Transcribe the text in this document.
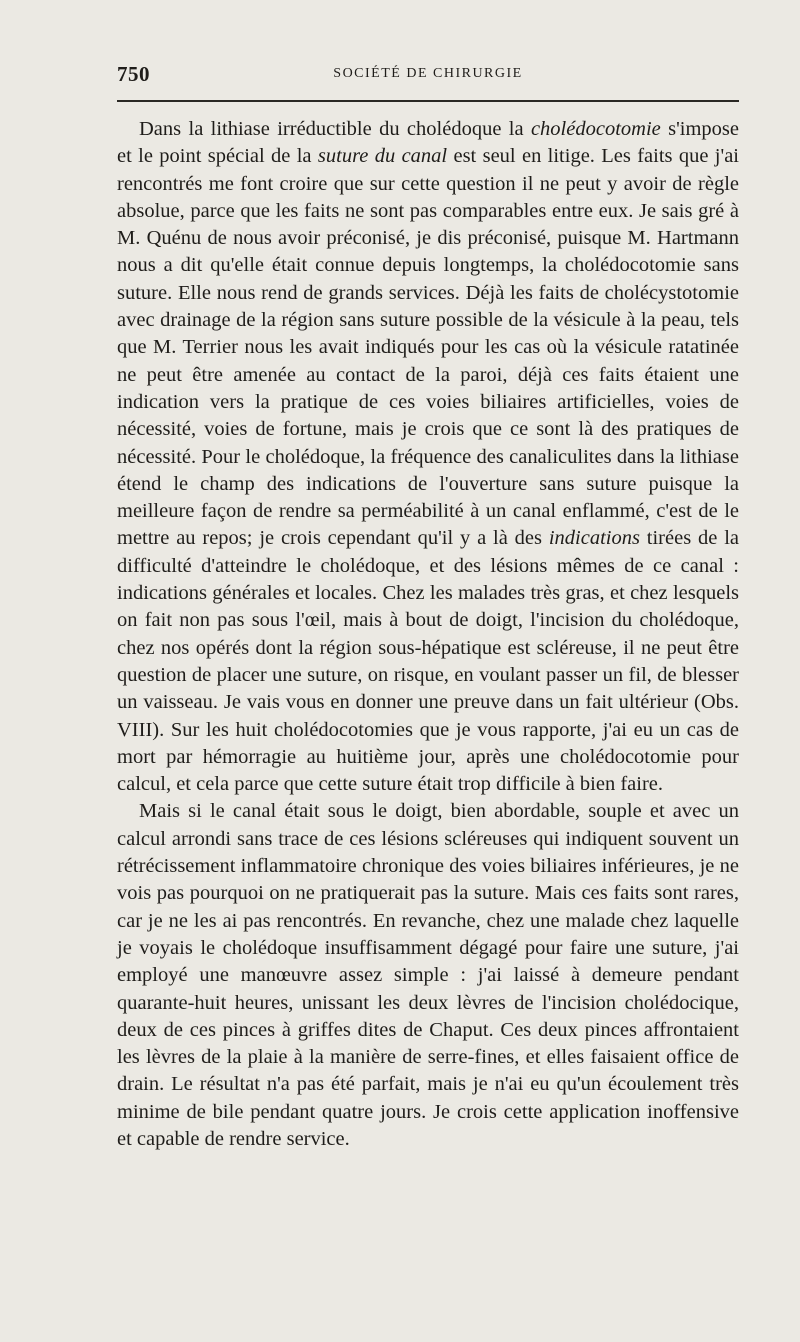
750	SOCIÉTÉ DE CHIRURGIE

Dans la lithiase irréductible du cholédoque la cholédocotomie s'impose et le point spécial de la suture du canal est seul en litige. Les faits que j'ai rencontrés me font croire que sur cette question il ne peut y avoir de règle absolue, parce que les faits ne sont pas comparables entre eux. Je sais gré à M. Quénu de nous avoir préconisé, je dis préconisé, puisque M. Hartmann nous a dit qu'elle était connue depuis longtemps, la cholédocotomie sans suture. Elle nous rend de grands services. Déjà les faits de cholécystotomie avec drainage de la région sans suture possible de la vésicule à la peau, tels que M. Terrier nous les avait indiqués pour les cas où la vésicule ratatinée ne peut être amenée au contact de la paroi, déjà ces faits étaient une indication vers la pratique de ces voies biliaires artificielles, voies de nécessité, voies de fortune, mais je crois que ce sont là des pratiques de nécessité. Pour le cholédoque, la fréquence des canaliculites dans la lithiase étend le champ des indications de l'ouverture sans suture puisque la meilleure façon de rendre sa perméabilité à un canal enflammé, c'est de le mettre au repos; je crois cependant qu'il y a là des indications tirées de la difficulté d'atteindre le cholédoque, et des lésions mêmes de ce canal : indications générales et locales. Chez les malades très gras, et chez lesquels on fait non pas sous l'œil, mais à bout de doigt, l'incision du cholédoque, chez nos opérés dont la région sous-hépatique est scléreuse, il ne peut être question de placer une suture, on risque, en voulant passer un fil, de blesser un vaisseau. Je vais vous en donner une preuve dans un fait ultérieur (Obs. VIII). Sur les huit cholédocotomies que je vous rapporte, j'ai eu un cas de mort par hémorragie au huitième jour, après une cholédocotomie pour calcul, et cela parce que cette suture était trop difficile à bien faire.

Mais si le canal était sous le doigt, bien abordable, souple et avec un calcul arrondi sans trace de ces lésions scléreuses qui indiquent souvent un rétrécissement inflammatoire chronique des voies biliaires inférieures, je ne vois pas pourquoi on ne pratiquerait pas la suture. Mais ces faits sont rares, car je ne les ai pas rencontrés. En revanche, chez une malade chez laquelle je voyais le cholédoque insuffisamment dégagé pour faire une suture, j'ai employé une manœuvre assez simple : j'ai laissé à demeure pendant quarante-huit heures, unissant les deux lèvres de l'incision cholédocique, deux de ces pinces à griffes dites de Chaput. Ces deux pinces affrontaient les lèvres de la plaie à la manière de serre-fines, et elles faisaient office de drain. Le résultat n'a pas été parfait, mais je n'ai eu qu'un écoulement très minime de bile pendant quatre jours. Je crois cette application inoffensive et capable de rendre service.
